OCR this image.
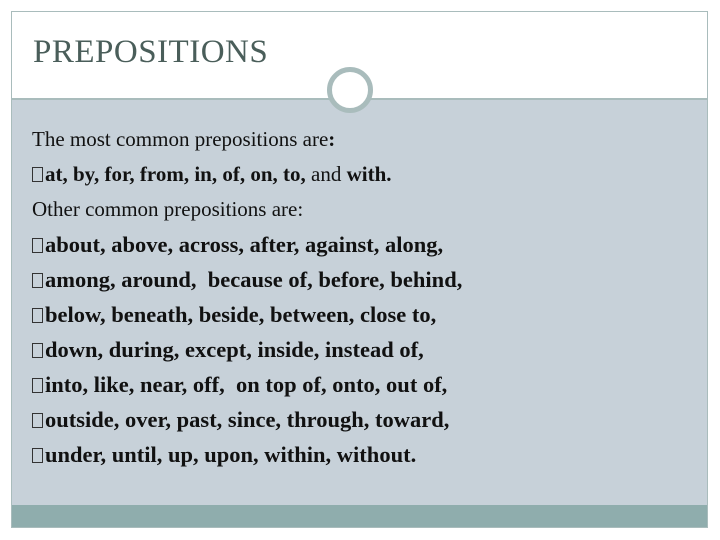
PREPOSITIONS
The most common prepositions are:
at, by, for, from, in, of, on, to, and with.
Other common prepositions are:
about, above, across, after, against, along,
among, around,  because of, before, behind,
below, beneath, beside, between, close to,
down, during, except, inside, instead of,
into, like, near, off,  on top of, onto, out of,
outside, over, past, since, through, toward,
under, until, up, upon, within, without.
